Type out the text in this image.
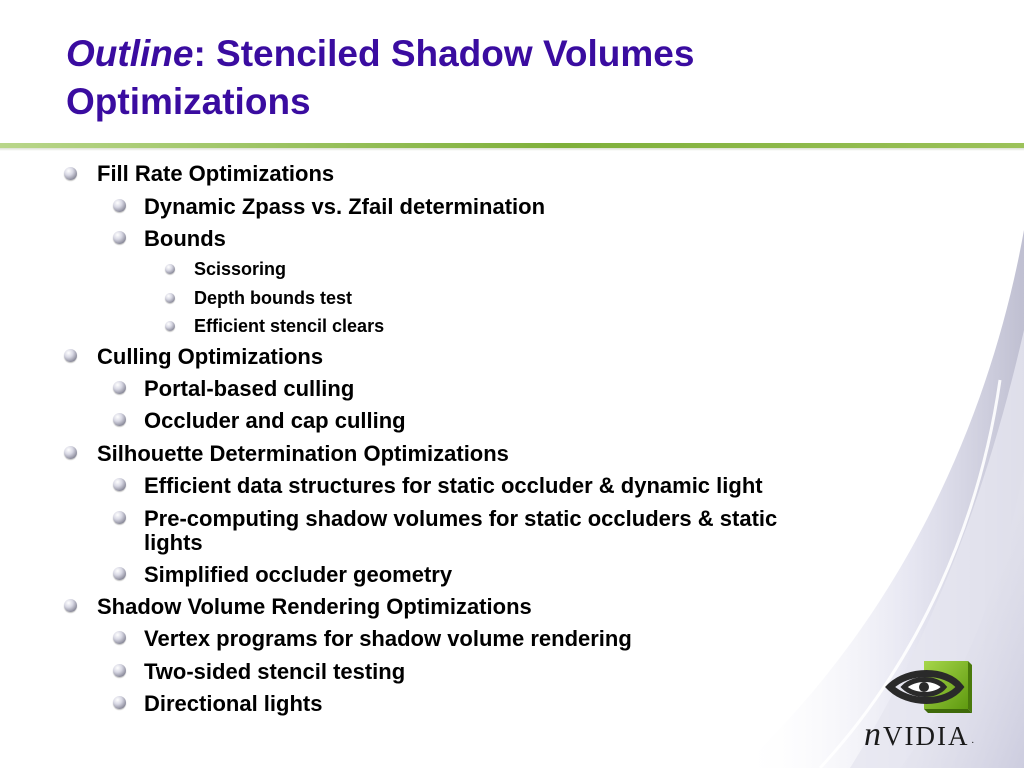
Outline: Stenciled Shadow Volumes Optimizations
Fill Rate Optimizations
Dynamic Zpass vs. Zfail determination
Bounds
Scissoring
Depth bounds test
Efficient stencil clears
Culling Optimizations
Portal-based culling
Occluder and cap culling
Silhouette Determination Optimizations
Efficient data structures for static occluder & dynamic light
Pre-computing shadow volumes for static occluders & static
lights
Simplified occluder geometry
Shadow Volume Rendering Optimizations
Vertex programs for shadow volume rendering
Two-sided stencil testing
Directional lights
nVIDIA .
